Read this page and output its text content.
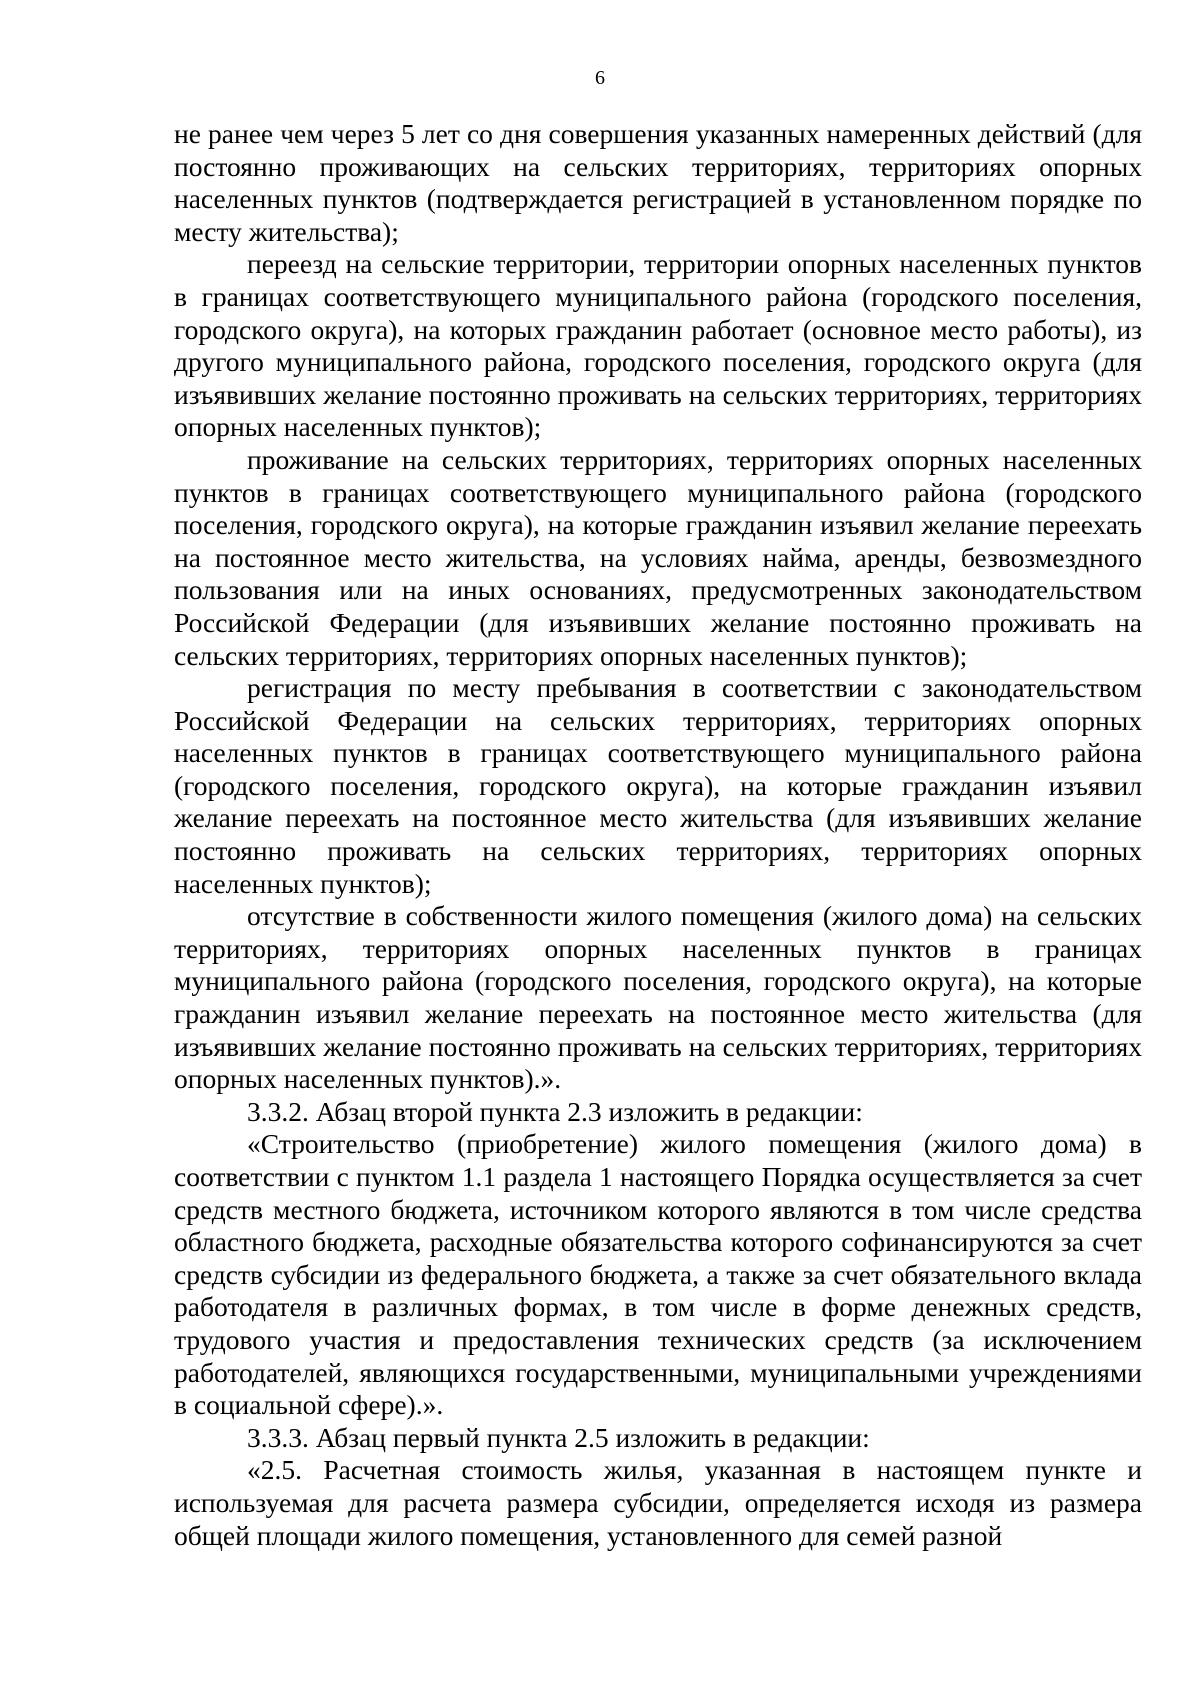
6

не ранее чем через 5 лет со дня совершения указанных намеренных действий (для постоянно проживающих на сельских территориях, территориях опорных населенных пунктов (подтверждается регистрацией в установленном порядке по месту жительства);

переезд на сельские территории, территории опорных населенных пунктов в границах соответствующего муниципального района (городского поселения, городского округа), на которых гражданин работает (основное место работы), из другого муниципального района, городского поселения, городского округа (для изъявивших желание постоянно проживать на сельских территориях, территориях опорных населенных пунктов);

проживание на сельских территориях, территориях опорных населенных пунктов в границах соответствующего муниципального района (городского поселения, городского округа), на которые гражданин изъявил желание переехать на постоянное место жительства, на условиях найма, аренды, безвозмездного пользования или на иных основаниях, предусмотренных законодательством Российской Федерации (для изъявивших желание постоянно проживать на сельских территориях, территориях опорных населенных пунктов);

регистрация по месту пребывания в соответствии с законодательством Российской Федерации на сельских территориях, территориях опорных населенных пунктов в границах соответствующего муниципального района (городского поселения, городского округа), на которые гражданин изъявил желание переехать на постоянное место жительства (для изъявивших желание постоянно проживать на сельских территориях, территориях опорных населенных пунктов);

отсутствие в собственности жилого помещения (жилого дома) на сельских территориях, территориях опорных населенных пунктов в границах муниципального района (городского поселения, городского округа), на которые гражданин изъявил желание переехать на постоянное место жительства (для изъявивших желание постоянно проживать на сельских территориях, территориях опорных населенных пунктов).».

3.3.2. Абзац второй пункта 2.3 изложить в редакции:

«Строительство (приобретение) жилого помещения (жилого дома) в соответствии с пунктом 1.1 раздела 1 настоящего Порядка осуществляется за счет средств местного бюджета, источником которого являются в том числе средства областного бюджета, расходные обязательства которого софинансируются за счет средств субсидии из федерального бюджета, а также за счет обязательного вклада работодателя в различных формах, в том числе в форме денежных средств, трудового участия и предоставления технических средств (за исключением работодателей, являющихся государственными, муниципальными учреждениями в социальной сфере).».

3.3.3. Абзац первый пункта 2.5 изложить в редакции:

«2.5. Расчетная стоимость жилья, указанная в настоящем пункте и используемая для расчета размера субсидии, определяется исходя из размера общей площади жилого помещения, установленного для семей разной
